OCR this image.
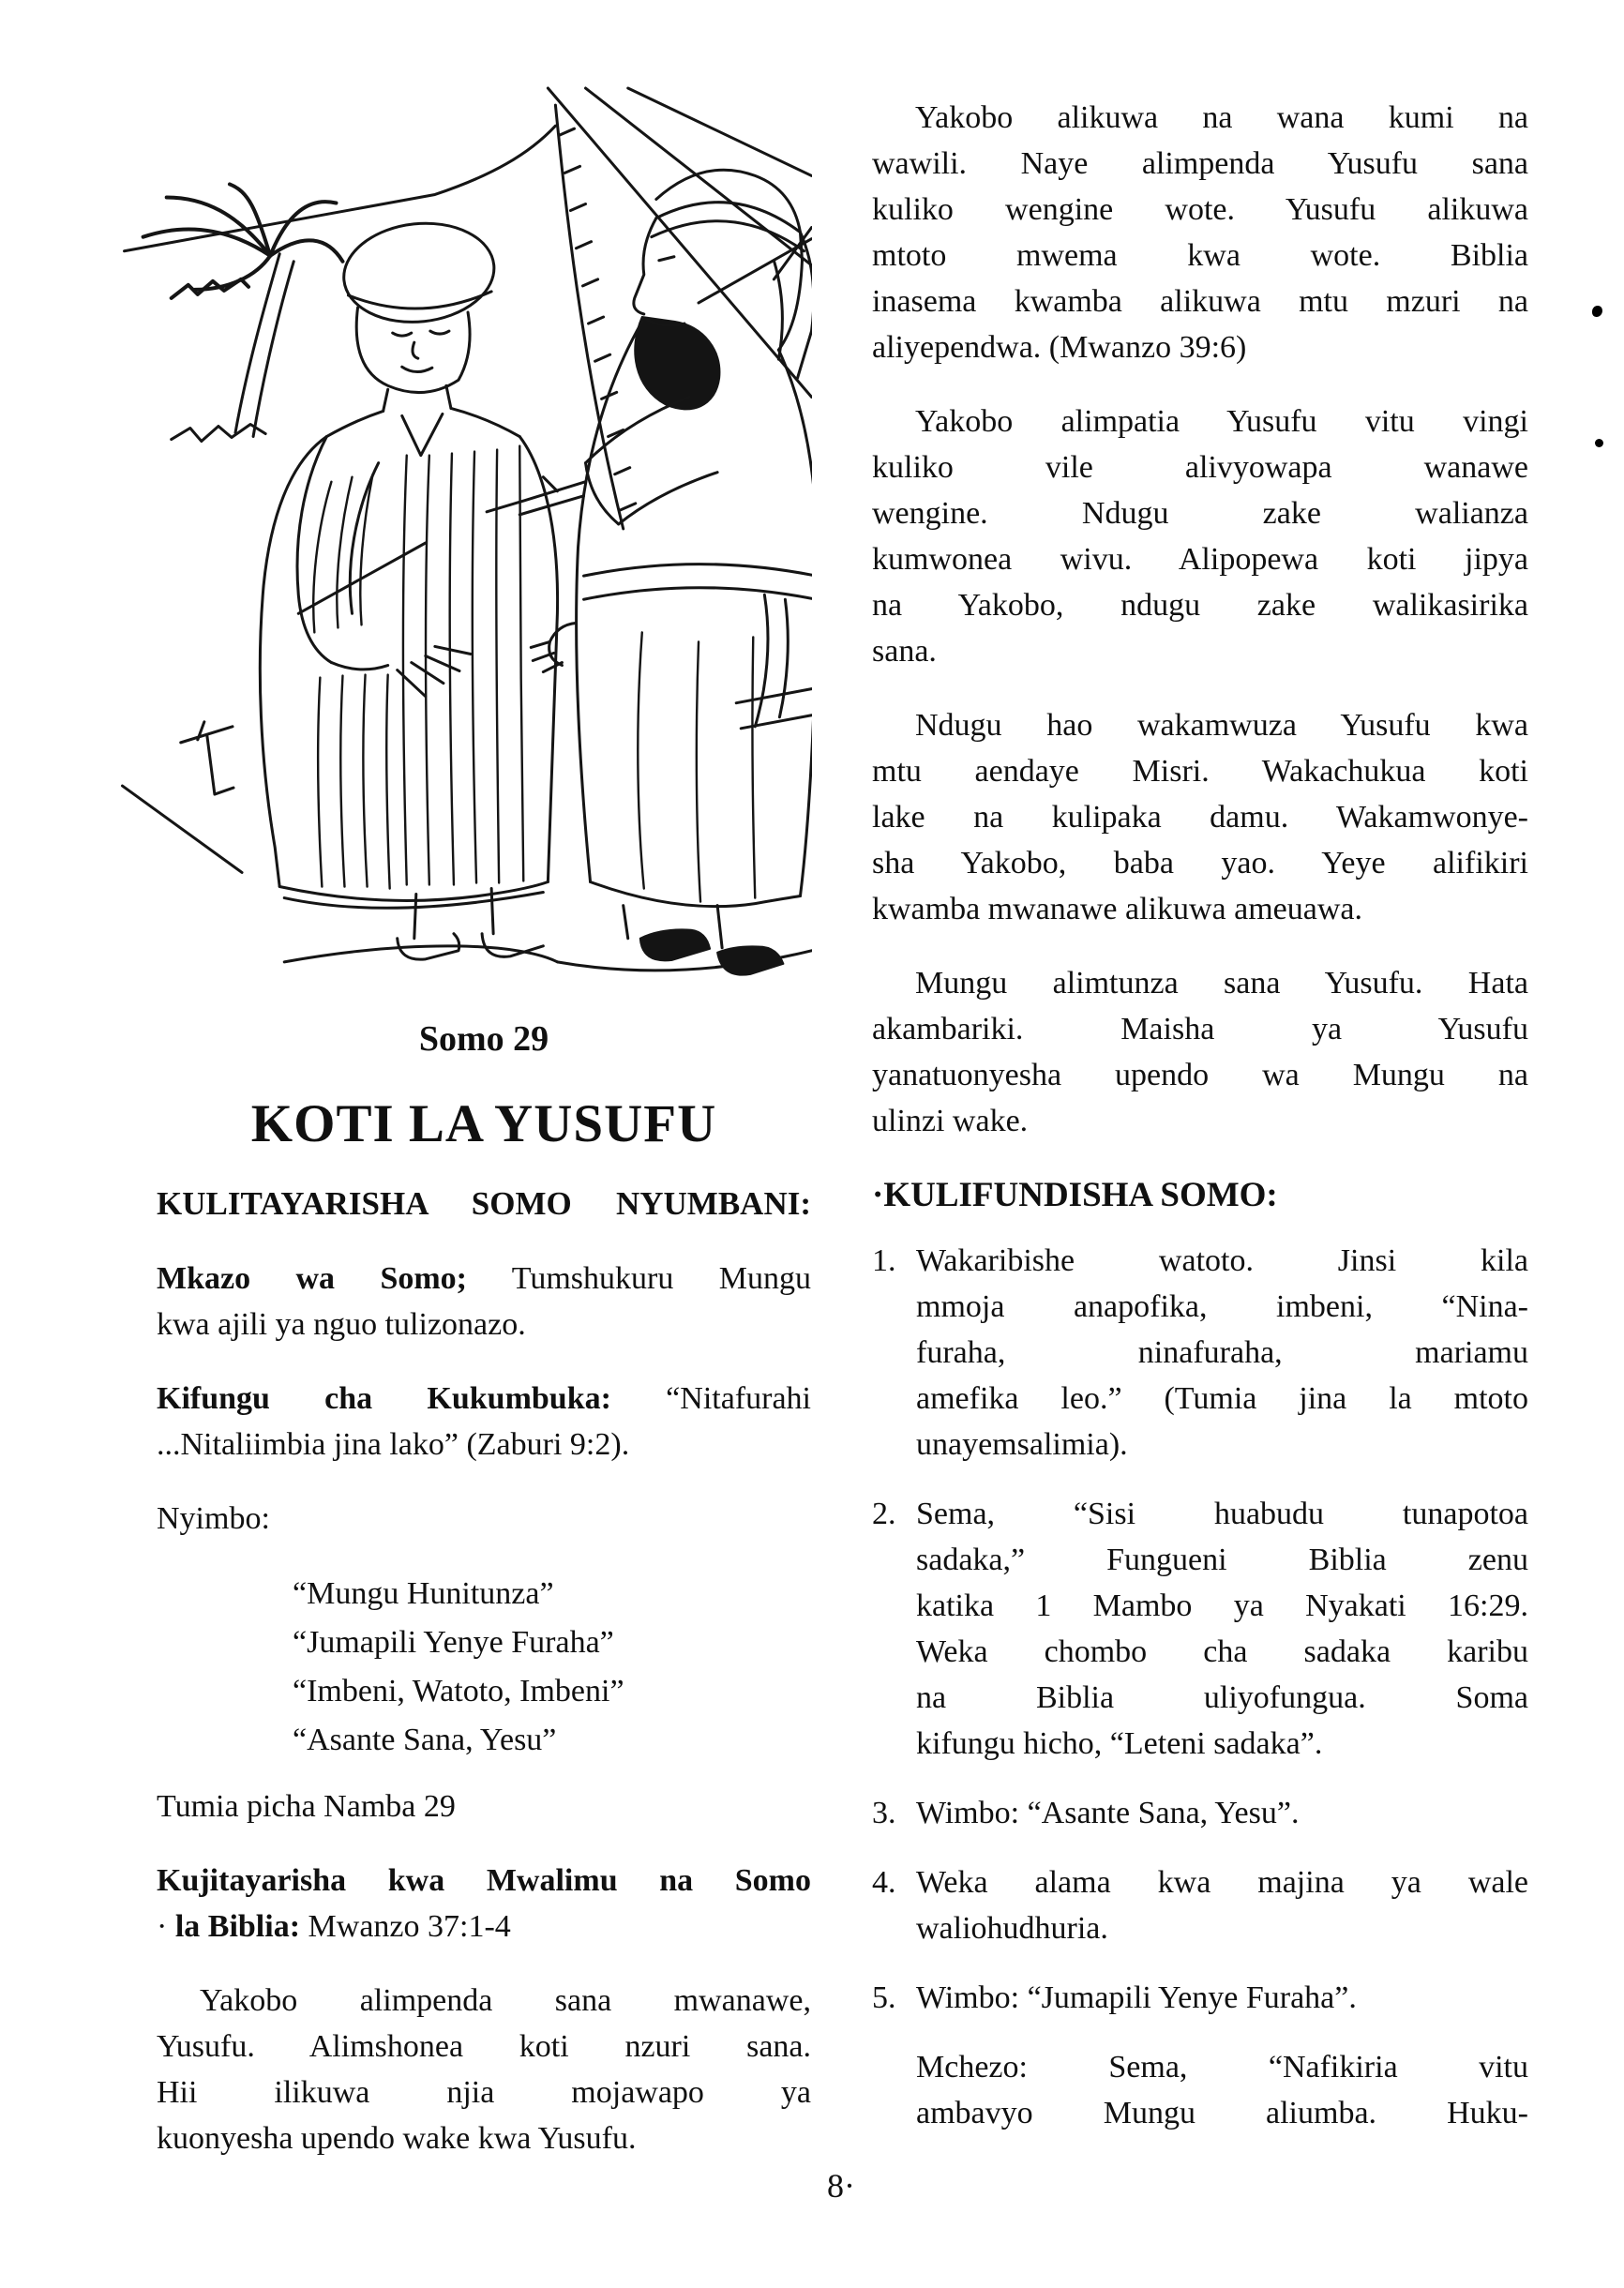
Somo 29
KOTI LA YUSUFU
KULITAYARISHA SOMO NYUMBANI:
Mkazo wa Somo; Tumshukuru Mungu
kwa ajili ya nguo tulizonazo.
Kifungu cha Kukumbuka: “Nitafurahi
...Nitaliimbia jina lako” (Zaburi 9:2).
Nyimbo:
“Mungu Hunitunza”
“Jumapili Yenye Furaha”
“Imbeni, Watoto, Imbeni”
“Asante Sana, Yesu”
Tumia picha Namba 29
Kujitayarisha kwa Mwalimu na Somo
· la Biblia: Mwanzo 37:1-4
Yakobo alimpenda sana mwanawe,
Yusufu. Alimshonea koti nzuri sana.
Hii ilikuwa njia mojawapo ya
kuonyesha upendo wake kwa Yusufu.
Yakobo alikuwa na wana kumi na
wawili. Naye alimpenda Yusufu sana
kuliko wengine wote. Yusufu alikuwa
mtoto mwema kwa wote. Biblia
inasema kwamba alikuwa mtu mzuri na
aliyependwa. (Mwanzo 39:6)
Yakobo alimpatia Yusufu vitu vingi
kuliko vile alivyowapa wanawe
wengine. Ndugu zake walianza
kumwonea wivu. Alipopewa koti jipya
na Yakobo, ndugu zake walikasirika
sana.
Ndugu hao wakamwuza Yusufu kwa
mtu aendaye Misri. Wakachukua koti
lake na kulipaka damu. Wakamwonye-
sha Yakobo, baba yao. Yeye alifikiri
kwamba mwanawe alikuwa ameuawa.
Mungu alimtunza sana Yusufu. Hata
akambariki. Maisha ya Yusufu
yanatuonyesha upendo wa Mungu na
ulinzi wake.
·KULIFUNDISHA SOMO:
1. Wakaribishe watoto. Jinsi kila
mmoja anapofika, imbeni, “Nina-
furaha, ninafuraha, mariamu
amefika leo.” (Tumia jina la mtoto
unayemsalimia).
2. Sema, “Sisi huabudu tunapotoa
sadaka,” Fungueni Biblia zenu
katika 1 Mambo ya Nyakati 16:29.
Weka chombo cha sadaka karibu
na Biblia uliyofungua. Soma
kifungu hicho, “Leteni sadaka”.
3. Wimbo: “Asante Sana, Yesu”.
4. Weka alama kwa majina ya wale
waliohudhuria.
5. Wimbo: “Jumapili Yenye Furaha”.
Mchezo: Sema, “Nafikiria vitu
ambavyo Mungu aliumba. Huku-
8·
